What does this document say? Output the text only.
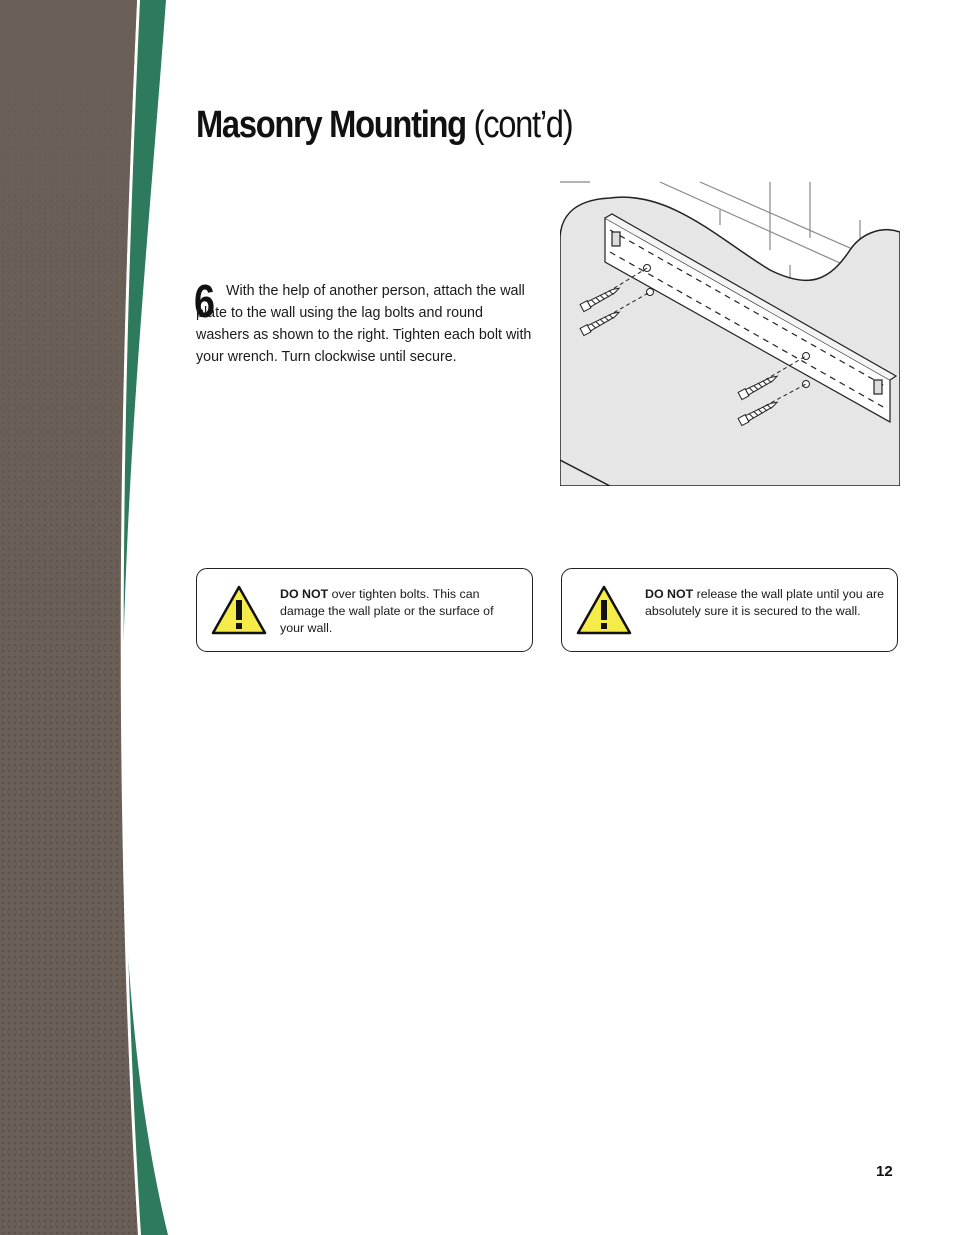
Masonry Mounting (cont’d)
6 With the help of another person, attach the wall plate to the wall using the lag bolts and round washers as shown to the right. Tighten each bolt with your wrench. Turn clockwise until secure.

DO NOT over tighten bolts. This can damage the wall plate or the surface of your wall.

DO NOT release the wall plate until you are absolutely sure it is secured to the wall.

12
